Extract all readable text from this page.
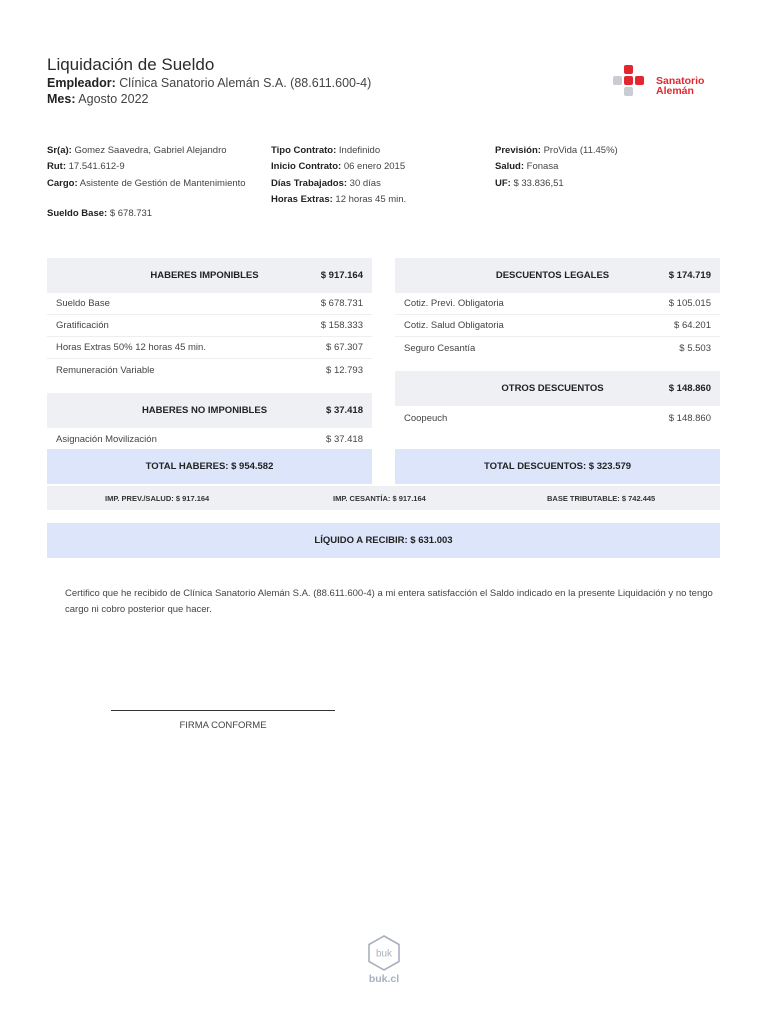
Liquidación de Sueldo
Empleador: Clínica Sanatorio Alemán S.A. (88.611.600-4)
Mes: Agosto 2022
Sanatorio
Alemán
Sr(a): Gomez Saavedra, Gabriel Alejandro
Rut: 17.541.612-9
Cargo: Asistente de Gestión de Mantenimiento
Sueldo Base: $ 678.731
Tipo Contrato: Indefinido
Inicio Contrato: 06 enero 2015
Días Trabajados: 30 días
Horas Extras: 12 horas 45 min.
Previsión: ProVida (11.45%)
Salud: Fonasa
UF: $ 33.836,51
HABERES IMPONIBLES	$ 917.164
Sueldo Base	$ 678.731
Gratificación	$ 158.333
Horas Extras 50% 12 horas 45 min.	$ 67.307
Remuneración Variable	$ 12.793
HABERES NO IMPONIBLES	$ 37.418
Asignación Movilización	$ 37.418
DESCUENTOS LEGALES	$ 174.719
Cotiz. Previ. Obligatoria	$ 105.015
Cotiz. Salud Obligatoria	$ 64.201
Seguro Cesantía	$ 5.503
OTROS DESCUENTOS	$ 148.860
Coopeuch	$ 148.860
TOTAL HABERES: $ 954.582	TOTAL DESCUENTOS: $ 323.579
IMP. PREV./SALUD: $ 917.164	IMP. CESANTÍA: $ 917.164	BASE TRIBUTABLE: $ 742.445
LÍQUIDO A RECIBIR: $ 631.003
Certifico que he recibido de Clínica Sanatorio Alemán S.A. (88.611.600-4) a mi entera satisfacción el Saldo indicado en la presente Liquidación y no tengo cargo ni cobro posterior que hacer.
FIRMA CONFORME
buk
buk.cl
